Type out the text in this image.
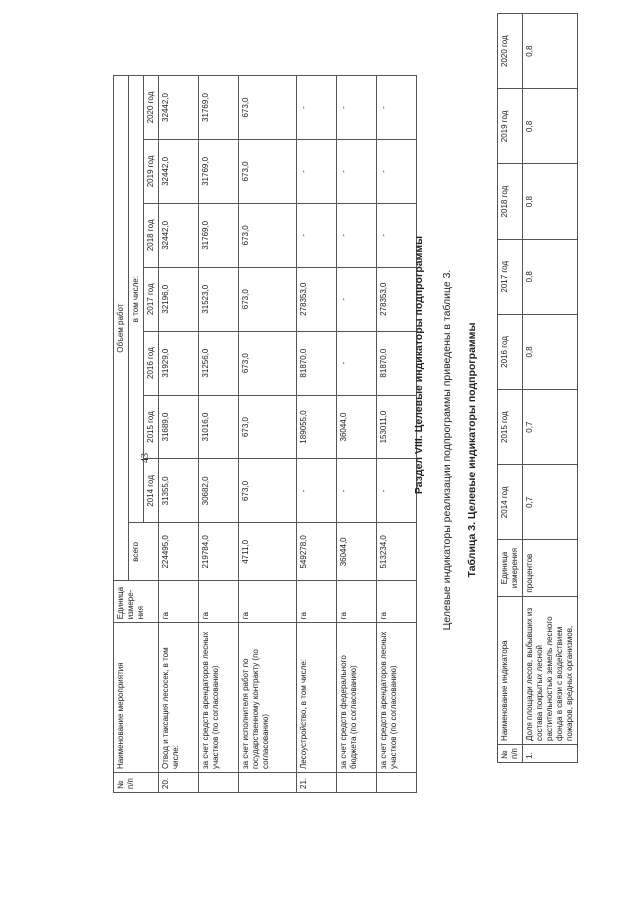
43
№ п/п	Наименование мероприятия	Единица измере-ния	Объем работ							
			всего	в том числе:						
				2014 год	2015 год	2016 год	2017 год	2018 год	2019 год	2020 год
20.	Отвод и таксация лесосек, в том числе:	га	224495,0	31355,0	31689,0	31929,0	32196,0	32442,0	32442,0	32442,0
	за счет средств арендаторов лесных участков (по согласованию)	га	219784,0	30682,0	31016,0	31256,0	31523,0	31769,0	31769,0	31769,0
	за счет исполнителя работ по государственному контракту (по согласованию)	га	4711,0	673,0	673,0	673,0	673,0	673,0	673,0	673,0
21.	Лесоустройство, в том числе:	га	549278,0	-	189055,0	81870,0	278353,0	-	-	-
	за счет средств федерального бюджета (по согласованию)	га	36044,0	-	36044,0	-	-	-	-	-
	за счет средств арендаторов лесных участков (по согласованию)	га	513234,0	-	153011,0	81870,0	278353,0	-	-	-
Раздел VIII. Целевые индикаторы подпрограммы Целевые индикаторы реализации подпрограммы приведены в таблице 3. Таблица 3. Целевые индикаторы подпрограммы
№ п/п	Наименование индикатора	Единица измерения	2014 год	2015 год	2016 год	2017 год	2018 год	2019 год	2020 год
1.	Доля площади лесов, выбывших из состава покрытых лесной растительностью земель лесного фонда в связи с воздействием пожаров, вредных организмов,	процентов	0,7	0,7	0,8	0,8	0,8	0,8	0,8
